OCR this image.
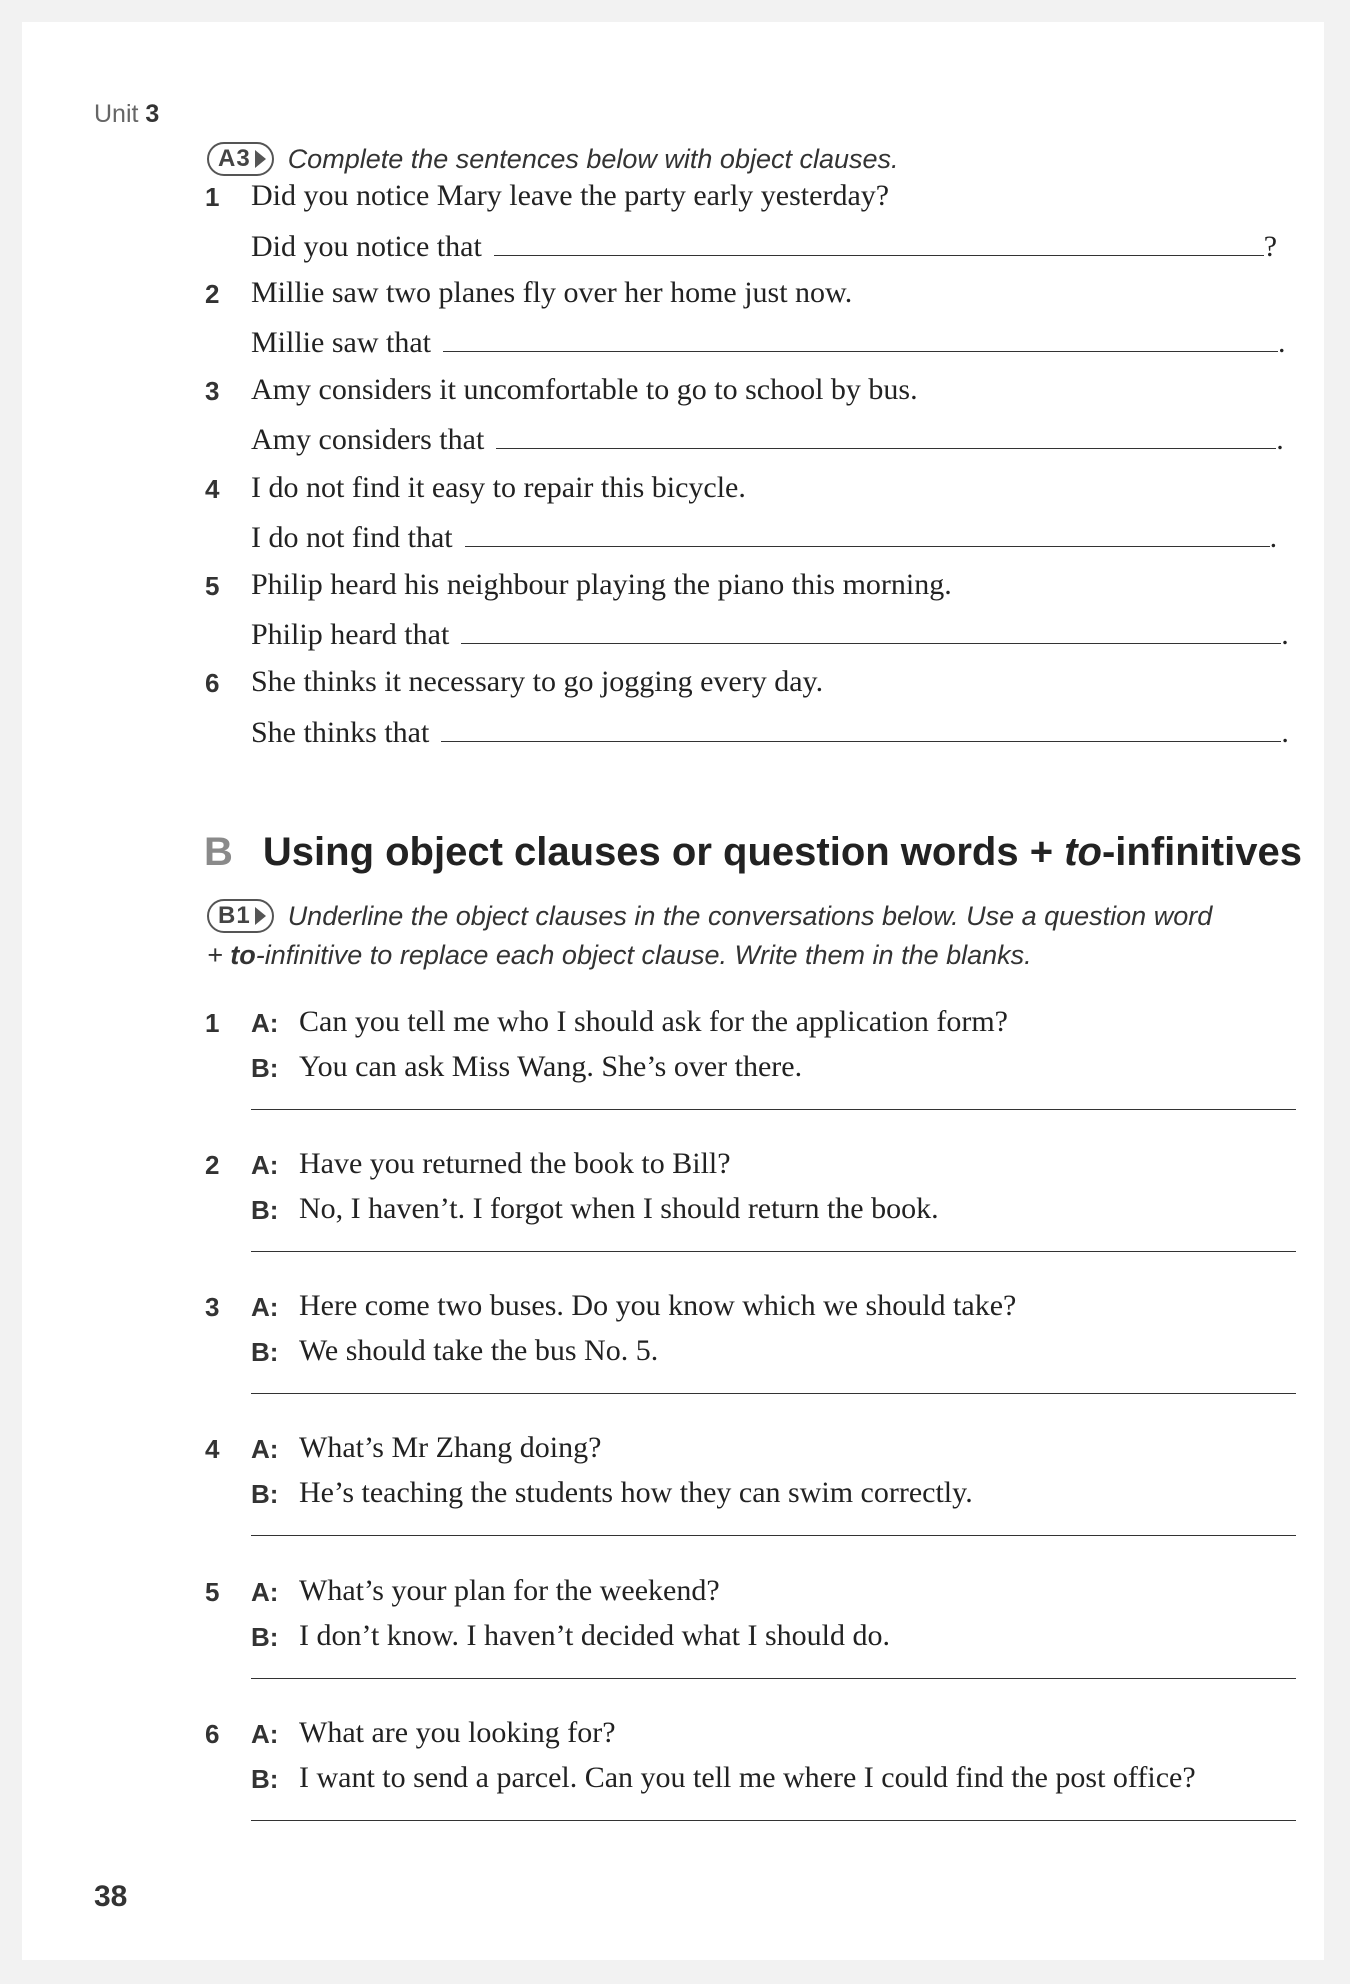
Unit 3
A3 Complete the sentences below with object clauses.
1	Did you notice Mary leave the party early yesterday?
Did you notice that	?
2	Millie saw two planes fly over her home just now.
Millie saw that	.
3	Amy considers it uncomfortable to go to school by bus.
Amy considers that	.
4	I do not find it easy to repair this bicycle.
I do not find that	.
5	Philip heard his neighbour playing the piano this morning.
Philip heard that	.
6	She thinks it necessary to go jogging every day.
She thinks that	.
B Using object clauses or question words + to-infinitives
B1 Underline the object clauses in the conversations below. Use a question word
+ to-infinitive to replace each object clause. Write them in the blanks.
1	A: Can you tell me who I should ask for the application form?
B: You can ask Miss Wang. She’s over there.
2	A: Have you returned the book to Bill?
B: No, I haven’t. I forgot when I should return the book.
3	A: Here come two buses. Do you know which we should take?
B: We should take the bus No. 5.
4	A: What’s Mr Zhang doing?
B: He’s teaching the students how they can swim correctly.
5	A: What’s your plan for the weekend?
B: I don’t know. I haven’t decided what I should do.
6	A: What are you looking for?
B: I want to send a parcel. Can you tell me where I could find the post office?
38
